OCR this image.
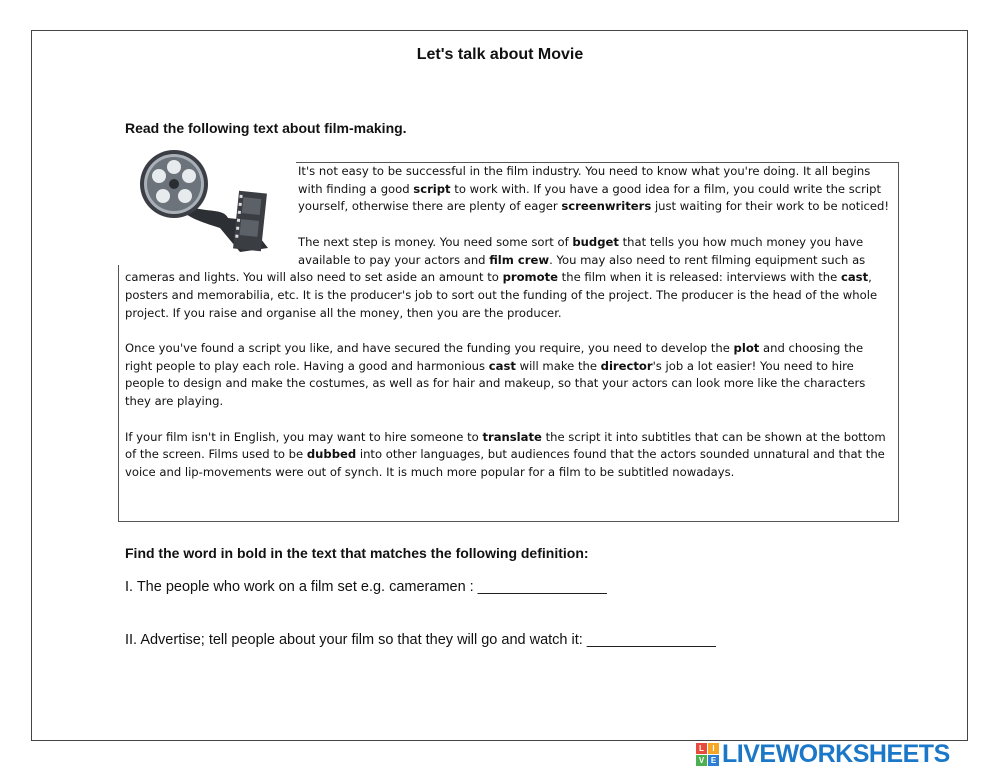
Let's talk about Movie
Read the following text about film-making.

It's not easy to be successful in the film industry. You need to know what you're doing. It all begins with finding a good script to work with. If you have a good idea for a film, you could write the script yourself, otherwise there are plenty of eager screenwriters just waiting for their work to be noticed!

The next step is money. You need some sort of budget that tells you how much money you have available to pay your actors and film crew. You may also need to rent filming equipment such as cameras and lights. You will also need to set aside an amount to promote the film when it is released: interviews with the cast, posters and memorabilia, etc. It is the producer's job to sort out the funding of the project. The producer is the head of the whole project. If you raise and organise all the money, then you are the producer.

Once you've found a script you like, and have secured the funding you require, you need to develop the plot and choosing the right people to play each role. Having a good and harmonious cast will make the director's job a lot easier! You need to hire people to design and make the costumes, as well as for hair and makeup, so that your actors can look more like the characters they are playing.

If your film isn't in English, you may want to hire someone to translate the script it into subtitles that can be shown at the bottom of the screen. Films used to be dubbed into other languages, but audiences found that the actors sounded unnatural and that the voice and lip-movements were out of synch. It is much more popular for a film to be subtitled nowadays.

Find the word in bold in the text that matches the following definition:
I. The people who work on a film set e.g. cameramen : ________________
II. Advertise; tell people about your film so that they will go and watch it: ________________
L	I
V E LIVEWORKSHEETS
